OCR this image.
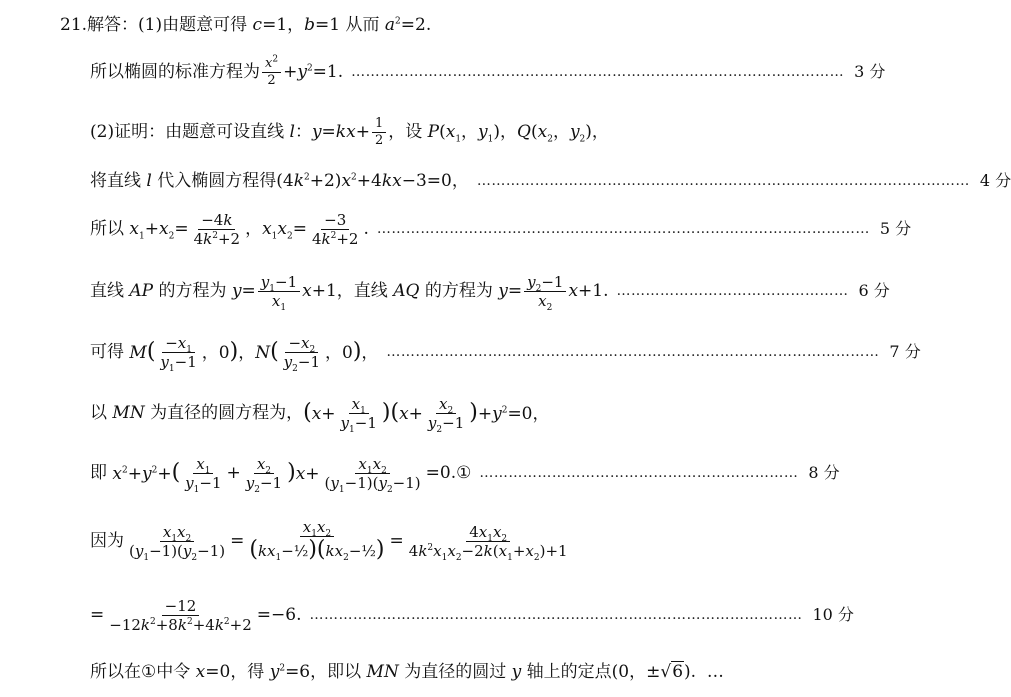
21. 解答： (1) 由题意可得 c=1，b=1 从而 $a^2=2$.
所以椭圆的标准方程为 $\frac{x^2}{2} +y^2=1$. ………………………………………………………………………………………… 3 分
(2) 证明：由题意可设直线 l：$y=kx+ \frac{1}{2}$ ，设 $P(x_1$，$y_1$)，$Q(x_2$，$y_2$)，
将直线 l 代入椭圆方程得 $(4k^2+2)x^2+4kx-3=0$， ………………………………………………………………………………………… 4 分
所以 $x_1+x_2= \frac{-4k}{4k^2+2}$ ，$x_1x_2= \frac{-3}{4k^2+2}$ . ………………………………………………………………………………………… 5 分
直线 AP 的方程为 $y= \frac{y_1-1}{x_1} x+1$ ，直线 AQ 的方程为 $y= \frac{y_2-1}{x_2} x+1$. ………………………………………… 6 分
可得 $M( \frac{-x_1}{y_1-1}$ ，0)，$N( \frac{-x_2}{y_2-1}$ ，0)， ………………………………………………………………………………………… 7 分
以 MN 为直径的圆方程为， $(x+ \frac{x_1}{y_1-1} )(x+ \frac{x_2}{y_2-1} )+y^2=0$，
即 $x^2+y^2+( \frac{x_1}{y_1-1} + \frac{x_2}{y_2-1} )x+ \frac{x_1x_2}{(y_1-1)(y_2-1)} =0$. ① ………………………………………………………… 8 分
因为 $\frac{x_1x_2}{(y_1-1)(y_2-1)} = \frac{x_1x_2}{(kx_1-\frac{1}{2})(kx_2-\frac{1}{2})} = \frac{4x_1x_2}{4k^2x_1x_2-2k(x_1+x_2)+1}$
= $\frac{-12}{-12k^2+8k^2+4k^2+2} =-6$. ………………………………………………………………………………………… 10 分
所以在 ① 中令 x=0 ，得 $y^2=6$ ，即以 MN 为直径的圆过 y 轴上的定点 (0，±√6). …
